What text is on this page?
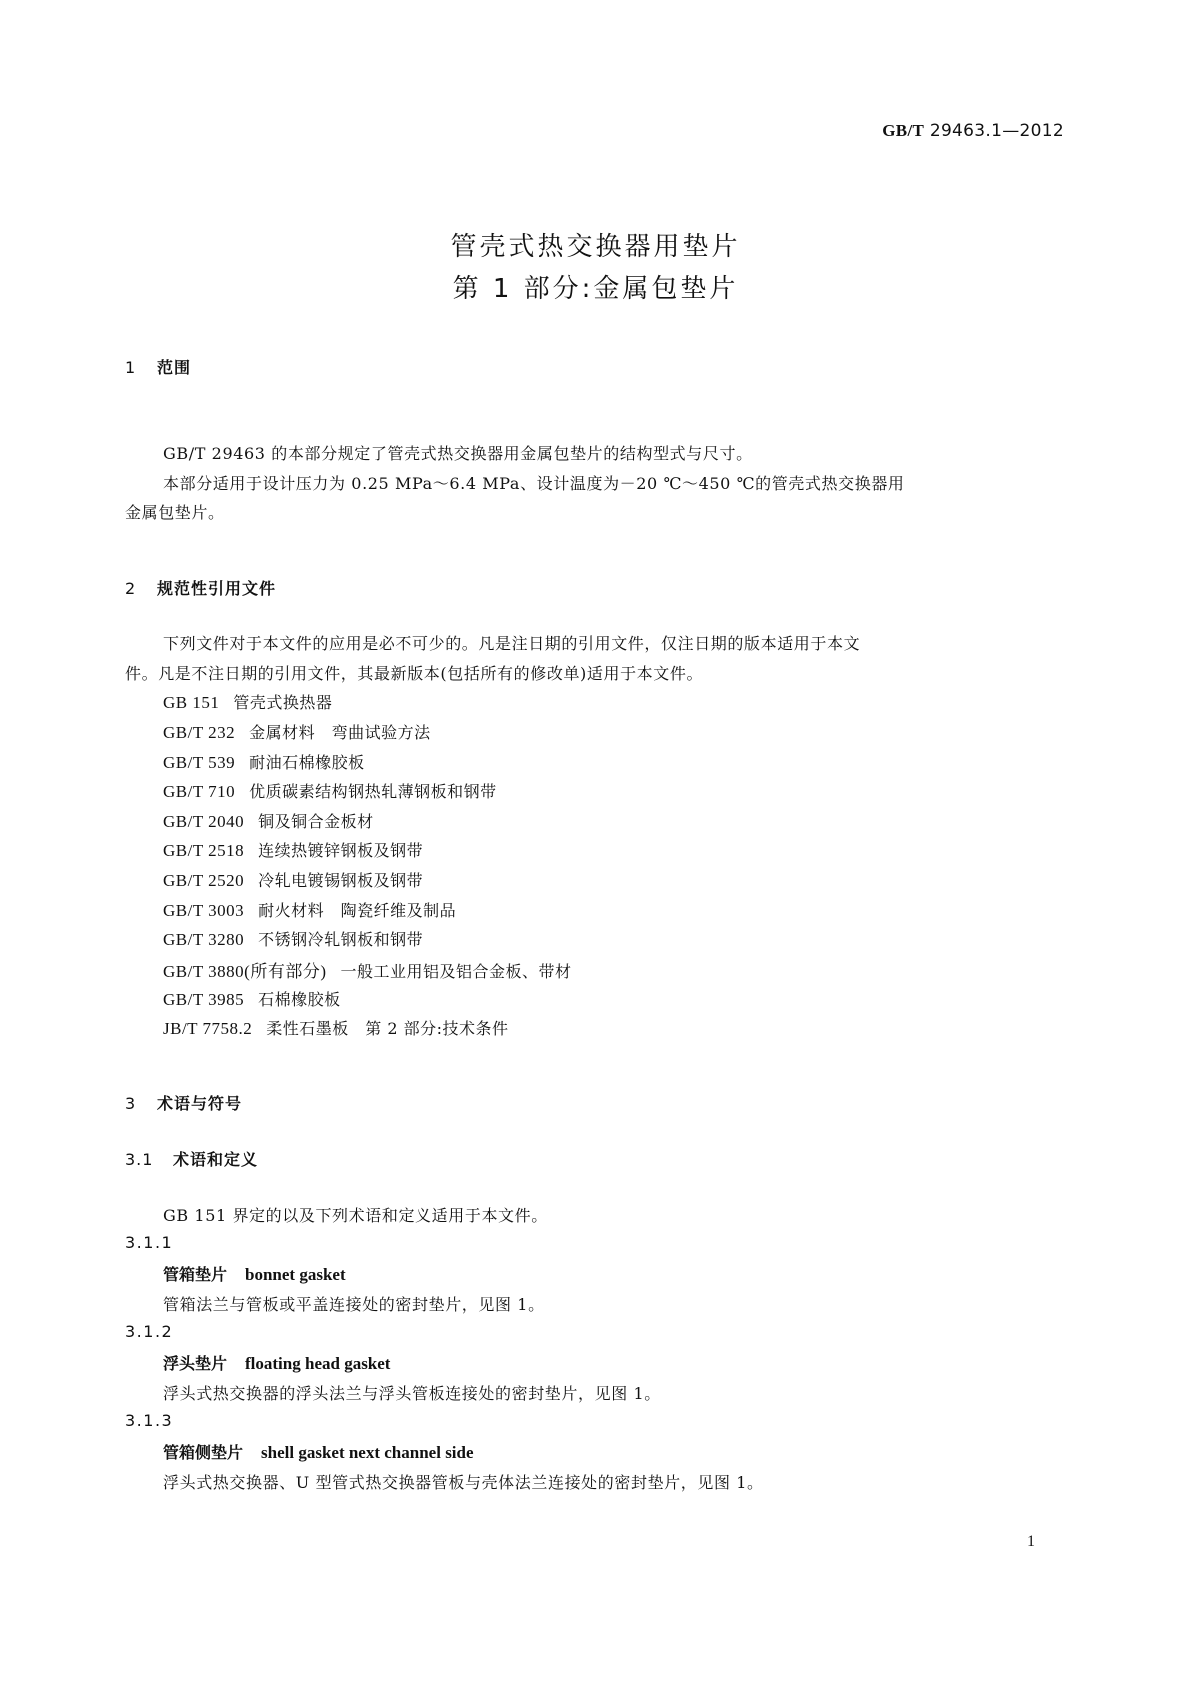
GB/T 29463.1—2012
管壳式热交换器用垫片
第 1 部分:金属包垫片
1 范围
GB/T 29463 的本部分规定了管壳式热交换器用金属包垫片的结构型式与尺寸。
本部分适用于设计压力为 0.25 MPa～6.4 MPa、设计温度为－20 ℃～450 ℃的管壳式热交换器用
金属包垫片。
2 规范性引用文件
下列文件对于本文件的应用是必不可少的。凡是注日期的引用文件，仅注日期的版本适用于本文
件。凡是不注日期的引用文件，其最新版本(包括所有的修改单)适用于本文件。
GB 151 管壳式换热器
GB/T 232 金属材料　弯曲试验方法
GB/T 539 耐油石棉橡胶板
GB/T 710 优质碳素结构钢热轧薄钢板和钢带
GB/T 2040 铜及铜合金板材
GB/T 2518 连续热镀锌钢板及钢带
GB/T 2520 冷轧电镀锡钢板及钢带
GB/T 3003 耐火材料　陶瓷纤维及制品
GB/T 3280 不锈钢冷轧钢板和钢带
GB/T 3880(所有部分) 一般工业用铝及铝合金板、带材
GB/T 3985 石棉橡胶板
JB/T 7758.2 柔性石墨板　第 2 部分:技术条件
3 术语与符号
3.1 术语和定义
GB 151 界定的以及下列术语和定义适用于本文件。
3.1.1
管箱垫片 bonnet gasket
管箱法兰与管板或平盖连接处的密封垫片，见图 1。
3.1.2
浮头垫片 floating head gasket
浮头式热交换器的浮头法兰与浮头管板连接处的密封垫片，见图 1。
3.1.3
管箱侧垫片 shell gasket next channel side
浮头式热交换器、U 型管式热交换器管板与壳体法兰连接处的密封垫片，见图 1。
1
